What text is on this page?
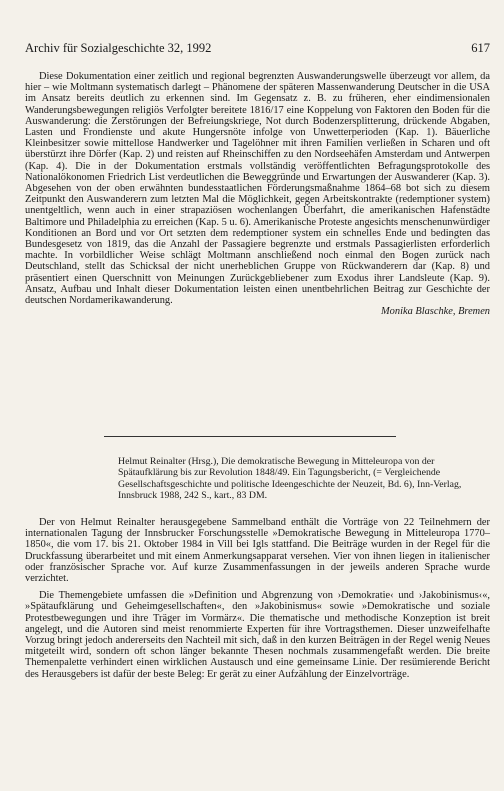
Archiv für Sozialgeschichte 32, 1992	617
Diese Dokumentation einer zeitlich und regional begrenzten Auswanderungswelle überzeugt vor allem, da hier – wie Moltmann systematisch darlegt – Phänomene der späteren Massenwanderung Deutscher in die USA im Ansatz bereits deutlich zu erkennen sind. Im Gegensatz z. B. zu früheren, eher eindimensionalen Wanderungsbewegungen religiös Verfolgter bereitete 1816/17 eine Koppelung von Faktoren den Boden für die Auswanderung: die Zerstörungen der Befreiungskriege, Not durch Bodenzersplitterung, drückende Abgaben, Lasten und Frondienste und akute Hungersnöte infolge von Unwetterperioden (Kap. 1). Bäuerliche Kleinbesitzer sowie mittellose Handwerker und Tagelöhner mit ihren Familien verließen in Scharen und oft überstürzt ihre Dörfer (Kap. 2) und reisten auf Rheinschiffen zu den Nordseehäfen Amsterdam und Antwerpen (Kap. 4). Die in der Dokumentation erstmals vollständig veröffentlichten Befragungsprotokolle des Nationalökonomen Friedrich List verdeutlichen die Beweggründe und Erwartungen der Auswanderer (Kap. 3). Abgesehen von der oben erwähnten bundesstaatlichen Förderungsmaßnahme 1864–68 bot sich zu diesem Zeitpunkt den Auswanderern zum letzten Mal die Möglichkeit, gegen Arbeitskontrakte (redemptioner system) unentgeltlich, wenn auch in einer strapaziösen wochenlangen Überfahrt, die amerikanischen Hafenstädte Baltimore und Philadelphia zu erreichen (Kap. 5 u. 6). Amerikanische Proteste angesichts menschenunwürdiger Konditionen an Bord und vor Ort setzten dem redemptioner system ein schnelles Ende und bedingten das Bundesgesetz von 1819, das die Anzahl der Passagiere begrenzte und erstmals Passagierlisten erforderlich machte. In vorbildlicher Weise schlägt Moltmann anschließend noch einmal den Bogen zurück nach Deutschland, stellt das Schicksal der nicht unerheblichen Gruppe von Rückwanderern dar (Kap. 8) und präsentiert einen Querschnitt von Meinungen Zurückgebliebener zum Exodus ihrer Landsleute (Kap. 9). Ansatz, Aufbau und Inhalt dieser Dokumentation leisten einen unentbehrlichen Beitrag zur Geschichte der deutschen Nordamerikawanderung.
Monika Blaschke, Bremen
Helmut Reinalter (Hrsg.), Die demokratische Bewegung in Mitteleuropa von der Spätaufklärung bis zur Revolution 1848/49. Ein Tagungsbericht, (= Vergleichende Gesellschaftsgeschichte und politische Ideengeschichte der Neuzeit, Bd. 6), Inn-Verlag, Innsbruck 1988, 242 S., kart., 83 DM.

Der von Helmut Reinalter herausgegebene Sammelband enthält die Vorträge von 22 Teilnehmern der internationalen Tagung der Innsbrucker Forschungsstelle »Demokratische Bewegung in Mitteleuropa 1770–1850«, die vom 17. bis 21. Oktober 1984 in Vill bei Igls stattfand. Die Beiträge wurden in der Regel für die Druckfassung überarbeitet und mit einem Anmerkungsapparat versehen. Vier von ihnen liegen in italienischer oder französischer Sprache vor. Auf kurze Zusammenfassungen in der jeweils anderen Sprache wurde verzichtet.

Die Themengebiete umfassen die »Definition und Abgrenzung von ›Demokratie‹ und ›Jakobinismus‹«, »Spätaufklärung und Geheimgesellschaften«, den »Jakobinismus« sowie »Demokratische und soziale Protestbewegungen und ihre Träger im Vormärz«. Die thematische und methodische Konzeption ist breit angelegt, und die Autoren sind meist renommierte Experten für ihre Vortragsthemen. Dieser unzweifelhafte Vorzug bringt jedoch andererseits den Nachteil mit sich, daß in den kurzen Beiträgen in der Regel wenig Neues mitgeteilt wird, sondern oft schon länger bekannte Thesen nochmals zusammengefaßt werden. Die breite Themenpalette verhindert einen wirklichen Austausch und eine gemeinsame Linie. Der resümierende Bericht des Herausgebers ist dafür der beste Beleg: Er gerät zu einer Aufzählung der Einzelvorträge.
